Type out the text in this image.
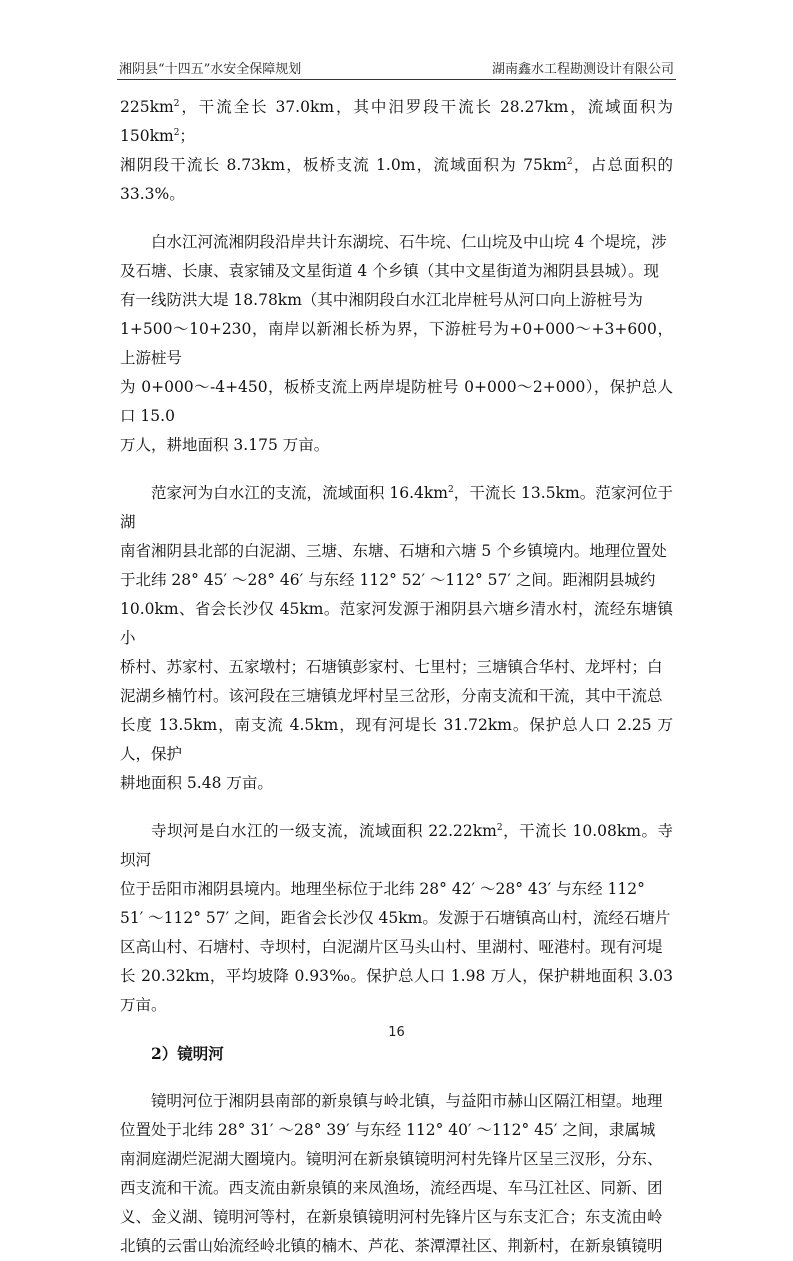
湘阴县“十四五”水安全保障规划	湖南鑫水工程勘测设计有限公司

$225km^2$，干流全长 37.0km，其中汨罗段干流长 28.27km，流域面积为 $150km^2$；
湘阴段干流长 8.73km，板桥支流 1.0m，流域面积为 $75km^2$，占总面积的 33.3%。

白水江河流湘阴段沿岸共计东湖垸、石牛垸、仁山垸及中山垸 4 个堤垸，涉
及石塘、长康、袁家铺及文星街道 4 个乡镇（其中文星街道为湘阴县县城）。现
有一线防洪大堤 18.78km（其中湘阴段白水江北岸桩号从河口向上游桩号为
1+500～10+230，南岸以新湘长桥为界，下游桩号为+0+000～+3+600，上游桩号
为 0+000～-4+450，板桥支流上两岸堤防桩号 0+000～2+000），保护总人口 15.0
万人，耕地面积 3.175 万亩。

范家河为白水江的支流，流域面积 $16.4km^2$，干流长 13.5km。范家河位于湖
南省湘阴县北部的白泥湖、三塘、东塘、石塘和六塘 5 个乡镇境内。地理位置处
于北纬 28° 45′ ～28° 46′ 与东经 112° 52′ ～112° 57′ 之间。距湘阴县城约
10.0km、省会长沙仅 45km。范家河发源于湘阴县六塘乡清水村，流经东塘镇小
桥村、苏家村、五家墩村；石塘镇彭家村、七里村；三塘镇合华村、龙坪村；白
泥湖乡楠竹村。该河段在三塘镇龙坪村呈三岔形，分南支流和干流，其中干流总
长度 13.5km，南支流 4.5km，现有河堤长 31.72km。保护总人口 2.25 万人，保护
耕地面积 5.48 万亩。

寺坝河是白水江的一级支流，流域面积 $22.22km^2$，干流长 10.08km。寺坝河
位于岳阳市湘阴县境内。地理坐标位于北纬 28° 42′ ～28° 43′ 与东经 112°
51′ ～112° 57′ 之间，距省会长沙仅 45km。发源于石塘镇高山村，流经石塘片
区高山村、石塘村、寺坝村，白泥湖片区马头山村、里湖村、哑港村。现有河堤
长 20.32km，平均坡降 0.93‰。保护总人口 1.98 万人，保护耕地面积 3.03 万亩。

2）镜明河

镜明河位于湘阴县南部的新泉镇与岭北镇，与益阳市赫山区隔江相望。地理
位置处于北纬 28° 31′ ～28° 39′ 与东经 112° 40′ ～112° 45′ 之间，隶属城
南洞庭湖烂泥湖大圈境内。镜明河在新泉镇镜明河村先锋片区呈三汊形，分东、
西支流和干流。西支流由新泉镇的来凤渔场，流经西堤、车马江社区、同新、团
义、金义湖、镜明河等村，在新泉镇镜明河村先锋片区与东支汇合；东支流由岭
北镇的云雷山始流经岭北镇的楠木、芦花、茶潭潭社区、荆新村，在新泉镇镜明

16
